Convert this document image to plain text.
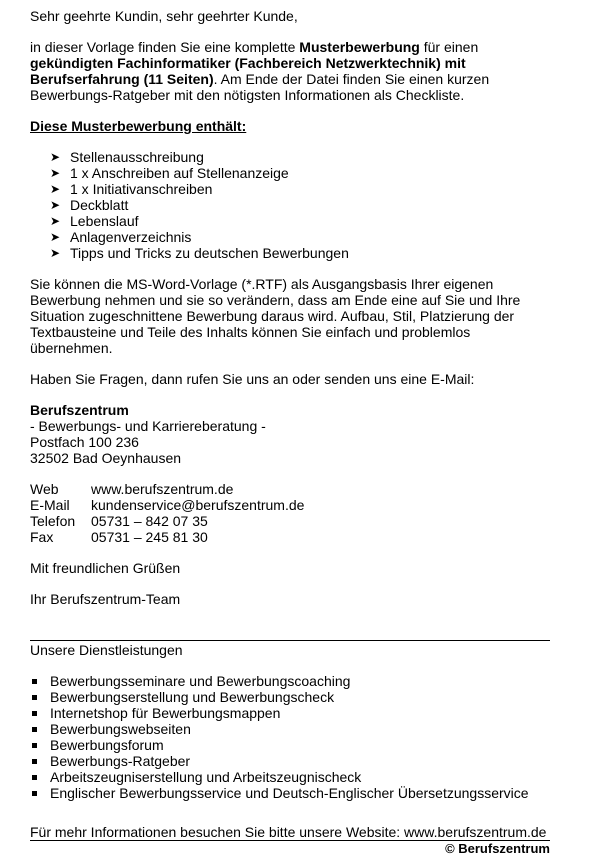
Sehr geehrte Kundin, sehr geehrter Kunde,

in dieser Vorlage finden Sie eine komplette Musterbewerbung für einen

gekündigten Fachinformatiker (Fachbereich Netzwerktechnik) mit

Berufserfahrung (11 Seiten). Am Ende der Datei finden Sie einen kurzen

Bewerbungs-Ratgeber mit den nötigsten Informationen als Checkliste.

Diese Musterbewerbung enthält:

➤ Stellenausschreibung
➤ 1 x Anschreiben auf Stellenanzeige
➤ 1 x Initiativanschreiben
➤ Deckblatt
➤ Lebenslauf
➤ Anlagenverzeichnis
➤ Tipps und Tricks zu deutschen Bewerbungen

Sie können die MS-Word-Vorlage (*.RTF) als Ausgangsbasis Ihrer eigenen

Bewerbung nehmen und sie so verändern, dass am Ende eine auf Sie und Ihre

Situation zugeschnittene Bewerbung daraus wird. Aufbau, Stil, Platzierung der

Textbausteine und Teile des Inhalts können Sie einfach und problemlos

übernehmen.

Haben Sie Fragen, dann rufen Sie uns an oder senden uns eine E-Mail:

Berufszentrum

- Bewerbungs- und Karriereberatung -

Postfach 100 236

32502 Bad Oeynhausen

Web	www.berufszentrum.de
E-Mail	kundenservice@berufszentrum.de
Telefon	05731 – 842 07 35
Fax	05731 – 245 81 30

Mit freundlichen Grüßen

Ihr Berufszentrum-Team

Unsere Dienstleistungen

Bewerbungsseminare und Bewerbungscoaching
Bewerbungserstellung und Bewerbungscheck
Internetshop für Bewerbungsmappen
Bewerbungswebseiten
Bewerbungsforum
Bewerbungs-Ratgeber
Arbeitszeugniserstellung und Arbeitszeugnischeck
Englischer Bewerbungsservice und Deutsch-Englischer Übersetzungsservice

Für mehr Informationen besuchen Sie bitte unsere Website: www.berufszentrum.de

© Berufszentrum
